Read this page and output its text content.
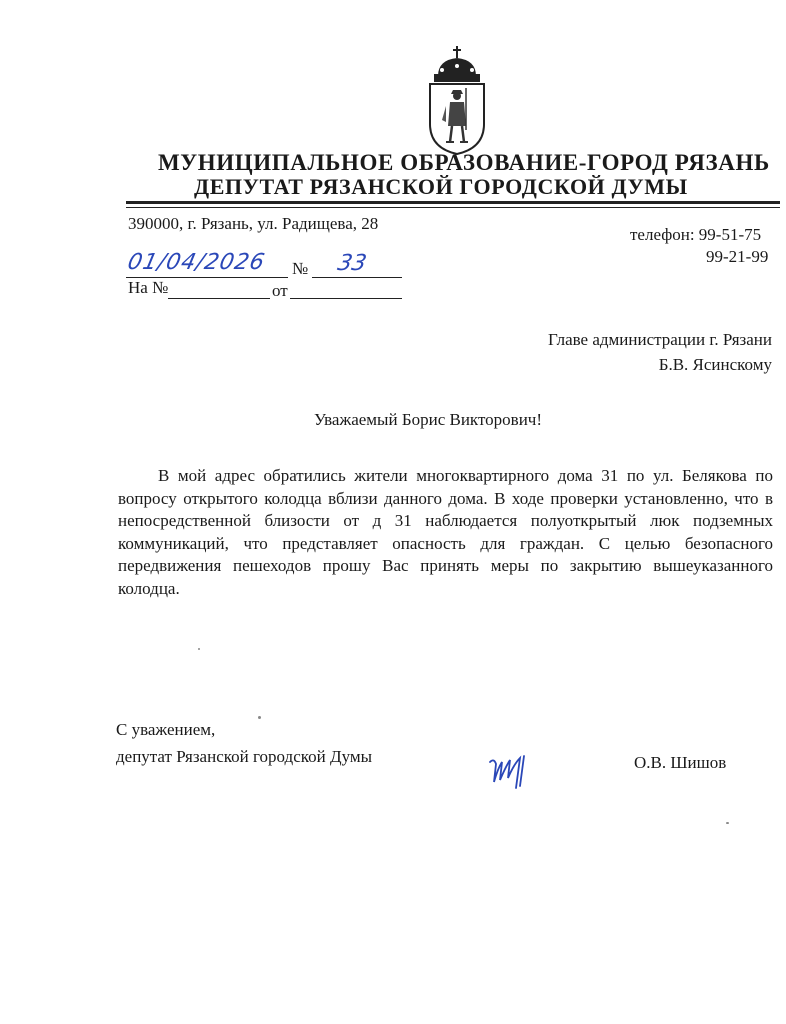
МУНИЦИПАЛЬНОЕ ОБРАЗОВАНИЕ-ГОРОД РЯЗАНЬ
ДЕПУТАТ РЯЗАНСКОЙ ГОРОДСКОЙ ДУМЫ
390000, г. Рязань, ул. Радищева, 28
телефон: 99-51-75
99-21-99
01/04/2026 № 33
На №	от
Главе администрации г. Рязани
Б.В. Ясинскому
Уважаемый Борис Викторович!
В мой адрес обратились жители многоквартирного дома 31 по ул. Белякова по вопросу открытого колодца вблизи данного дома. В ходе проверки установленно, что в непосредственной близости от д 31 наблюдается полуоткрытый люк подземных коммуникаций, что представляет опасность для граждан. С целью безопасного передвижения пешеходов прошу Вас принять меры по закрытию вышеуказанного колодца.
С уважением,
депутат Рязанской городской Думы	О.В. Шишов
